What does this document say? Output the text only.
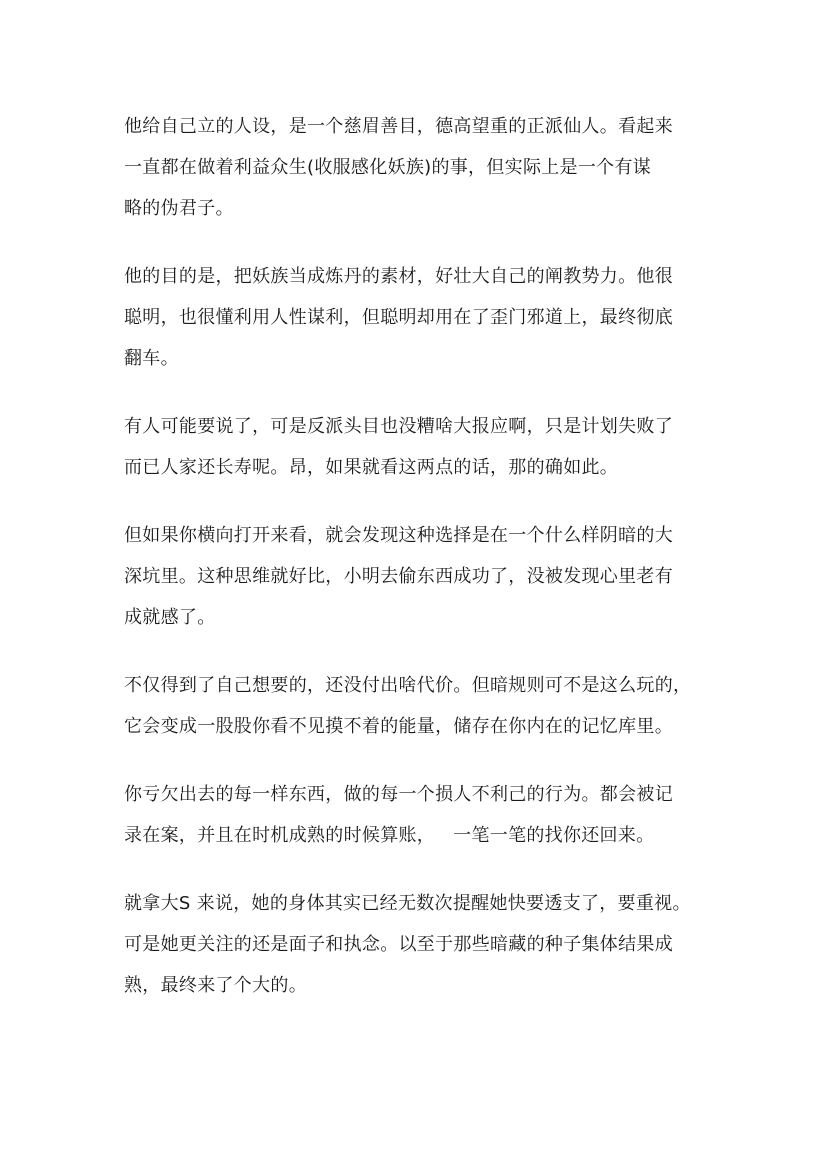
他给自己立的人设，是一个慈眉善目，德高望重的正派仙人。看起来
一直都在做着利益众生(收服感化妖族)的事，但实际上是一个有谋
略的伪君子。

他的目的是，把妖族当成炼丹的素材，好壮大自己的阐教势力。他很
聪明，也很懂利用人性谋利，但聪明却用在了歪门邪道上，最终彻底
翻车。

有人可能要说了，可是反派头目也没糟啥大报应啊，只是计划失败了
而已人家还长寿呢。昂，如果就看这两点的话，那的确如此。

但如果你横向打开来看，就会发现这种选择是在一个什么样阴暗的大
深坑里。这种思维就好比，小明去偷东西成功了，没被发现心里老有
成就感了。

不仅得到了自己想要的，还没付出啥代价。但暗规则可不是这么玩的，
它会变成一股股你看不见摸不着的能量，储存在你内在的记忆库里。

你亏欠出去的每一样东西，做的每一个损人不利己的行为。都会被记
录在案，并且在时机成熟的时候算账，   一笔一笔的找你还回来。

就拿大S 来说，她的身体其实已经无数次提醒她快要透支了，要重视。
可是她更关注的还是面子和执念。以至于那些暗藏的种子集体结果成
熟，最终来了个大的。
